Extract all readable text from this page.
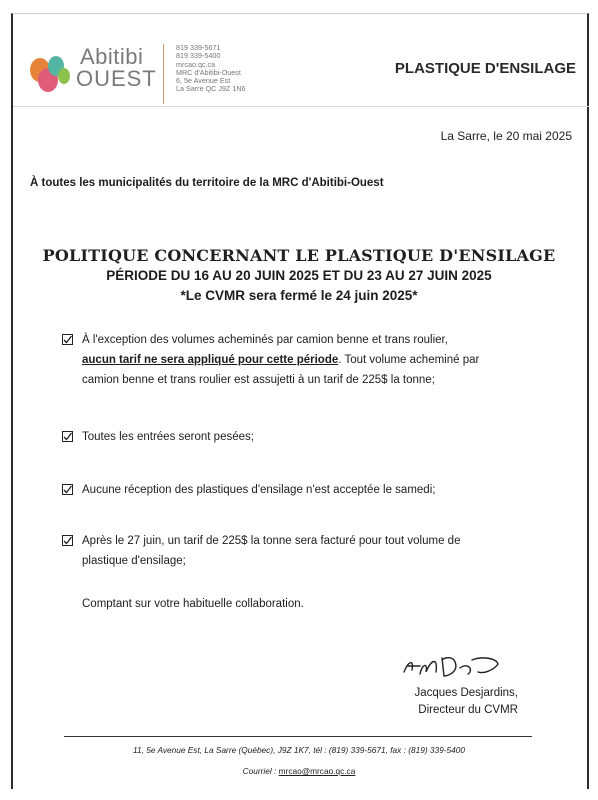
Abitibi
OUEST
819 339-5671
819 339-5400
mrcao.qc.ca
MRC d'Abitibi-Ouest
6, 5e Avenue Est
La Sarre QC J9Z 1N6
PLASTIQUE D'ENSILAGE
La Sarre, le 20 mai 2025
À toutes les municipalités du territoire de la MRC d'Abitibi-Ouest
POLITIQUE CONCERNANT LE PLASTIQUE D'ENSILAGE
PÉRIODE DU 16 AU 20 JUIN 2025 ET DU 23 AU 27 JUIN 2025
*Le CVMR sera fermé le 24 juin 2025*
À l'exception des volumes acheminés par camion benne et trans roulier,
aucun tarif ne sera appliqué pour cette période. Tout volume acheminé par
camion benne et trans roulier est assujetti à un tarif de 225$ la tonne;
Toutes les entrées seront pesées;
Aucune réception des plastiques d'ensilage n'est acceptée le samedi;
Après le 27 juin, un tarif de 225$ la tonne sera facturé pour tout volume de
plastique d'ensilage;
Comptant sur votre habituelle collaboration.
Jacques Desjardins,
Directeur du CVMR
11, 5e Avenue Est, La Sarre (Québec), J9Z 1K7, tél : (819) 339-5671, fax : (819) 339-5400
Courriel : mrcao@mrcao.qc.ca
